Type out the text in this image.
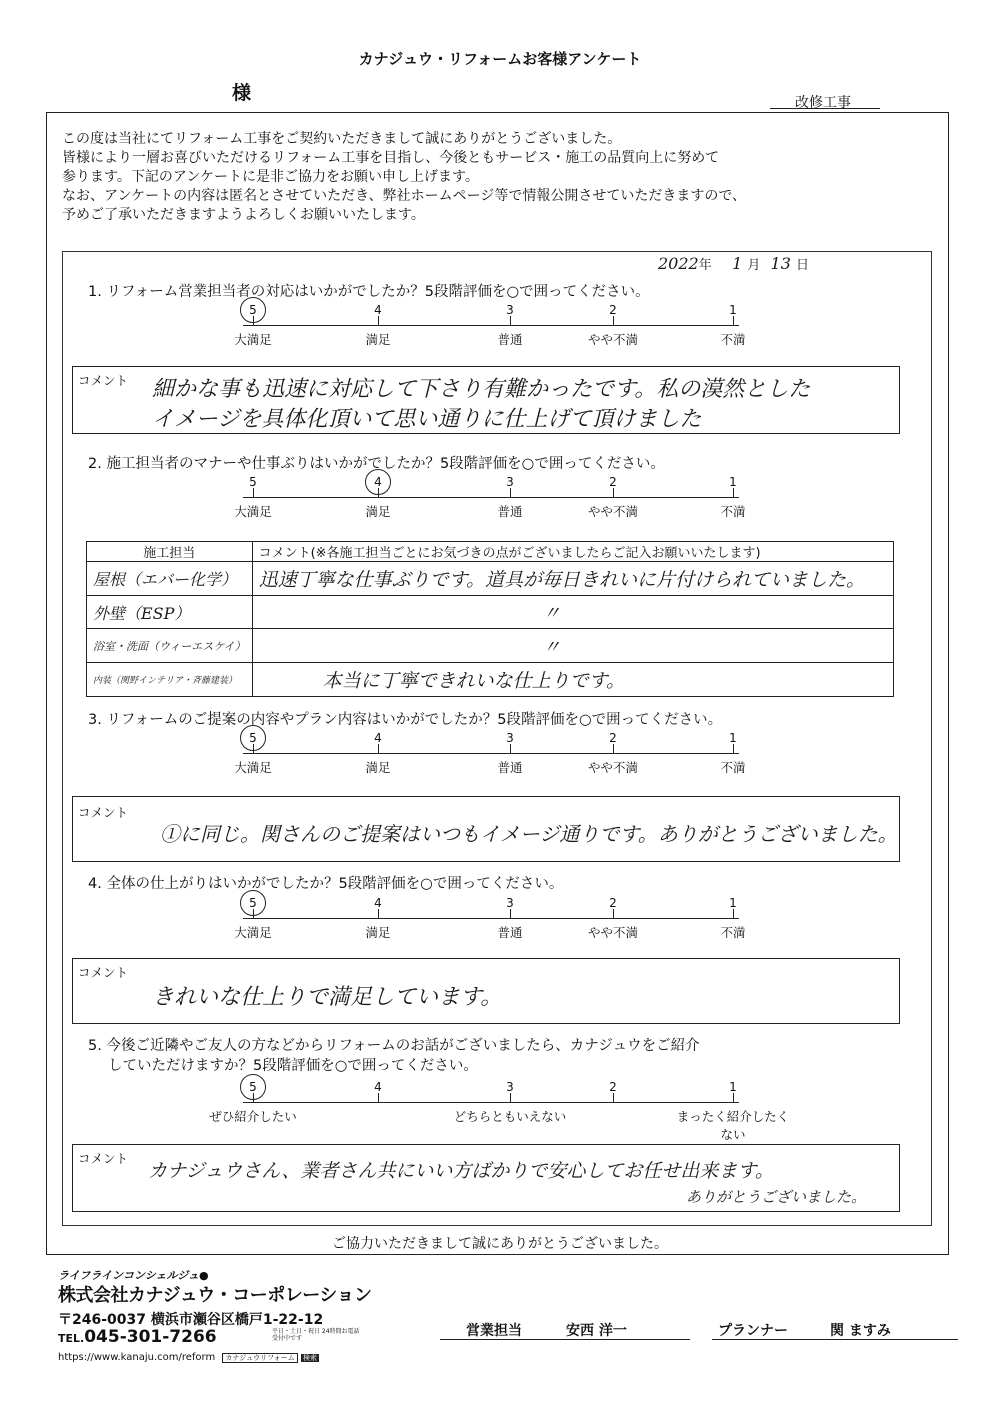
カナジュウ・リフォームお客様アンケート
様	改修工事
この度は当社にてリフォーム工事をご契約いただきまして誠にありがとうございました。
皆様により一層お喜びいただけるリフォーム工事を目指し、今後ともサービス・施工の品質向上に努めて
参ります。下記のアンケートに是非ご協力をお願い申し上げます。
なお、アンケートの内容は匿名とさせていただき、弊社ホームページ等で情報公開させていただきますので、
予めご了承いただきますようよろしくお願いいたします。
2022年 1 月 13 日
1. リフォーム営業担当者の対応はいかがでしたか？5段階評価を○で囲ってください。
コメント 細かな事も迅速に対応して下さり有難かったです。私の漠然とした
イメージを具体化頂いて思い通りに仕上げて頂けました
2. 施工担当者のマナーや仕事ぶりはいかがでしたか？5段階評価を○で囲ってください。
施工担当	コメント(※各施工担当ごとにお気づきの点がございましたらご記入お願いいたします)
屋根（エバー化学）	迅速丁寧な仕事ぶりです。道具が毎日きれいに片付けられていました。
外壁（ESP）	〃
浴室・洗面（ウィーエスケイ）	〃
内装（関野インテリア・斉藤建装）	本当に丁寧できれいな仕上りです。
3. リフォームのご提案の内容やプラン内容はいかがでしたか？5段階評価を○で囲ってください。
コメント
①に同じ。関さんのご提案はいつもイメージ通りです。ありがとうございました。
4. 全体の仕上がりはいかがでしたか？5段階評価を○で囲ってください。
コメント
きれいな仕上りで満足しています。
5. 今後ご近隣やご友人の方などからリフォームのお話がございましたら、カナジュウをご紹介
していただけますか？5段階評価を○で囲ってください。
コメント
カナジュウさん、業者さん共にいい方ばかりで安心してお任せ出来ます。
ありがとうございました。
ご協力いただきまして誠にありがとうございました。
ライフラインコンシェルジュ●
株式会社カナジュウ・コーポレーション
〒246-0037 横浜市瀬谷区橋戸1-22-12
TEL.045-301-7266	平日・土日・祝日 24時間お電話受付中です
https://www.kanaju.com/reform カナジュウリフォーム 検索
営業担当	安西 洋一	プランナー	関 ますみ
5	4	3	2	1
大満足	満足	普通	やや不満	不満
5	4	3	2	1
大満足	満足	普通	やや不満	不満
5	4	3	2	1
大満足	満足	普通	やや不満	不満
5	4	3	2	1
大満足	満足	普通	やや不満	不満
5	4	3	2	1
ぜひ紹介したい	どちらともいえない	まったく紹介したくない
